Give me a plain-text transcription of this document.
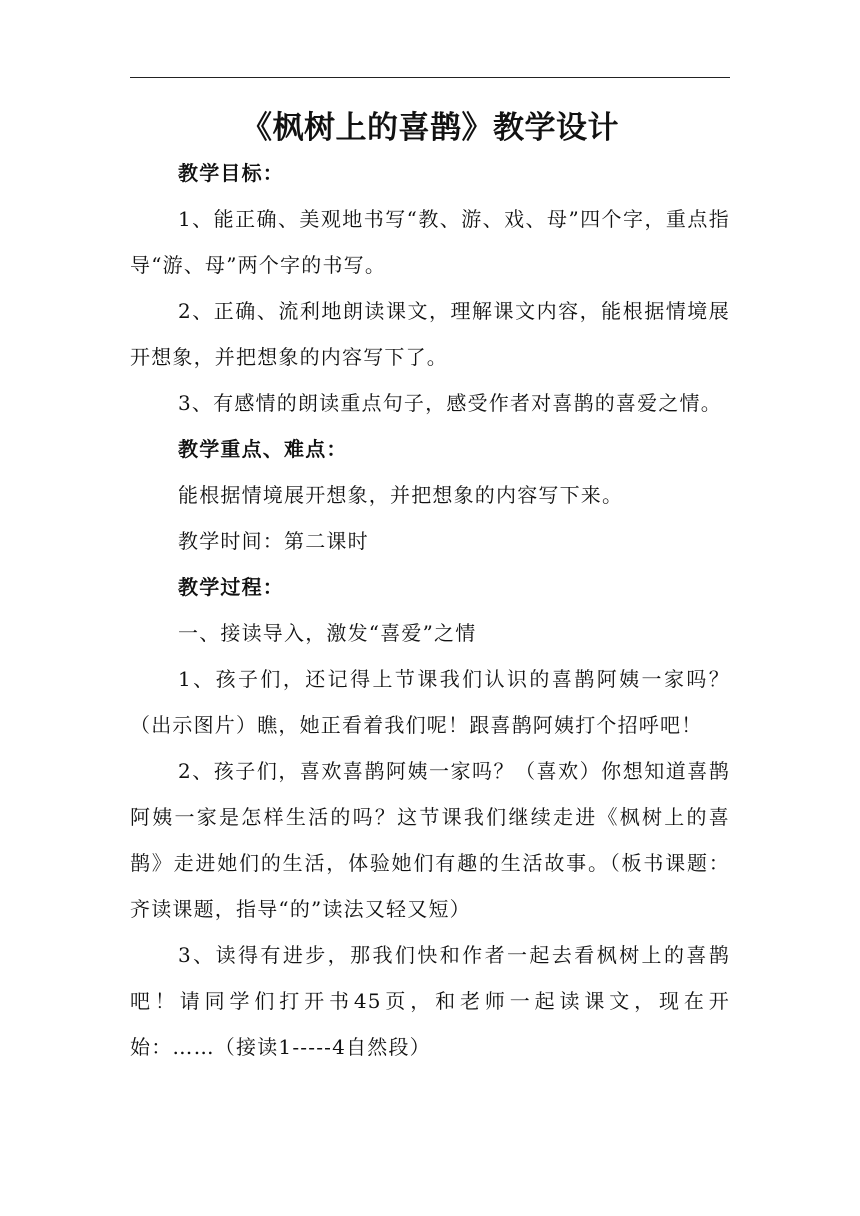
《枫树上的喜鹊》教学设计

教学目标：

1、能正确、美观地书写“教、游、戏、母”四个字，重点指导“游、母”两个字的书写。

2、正确、流利地朗读课文，理解课文内容，能根据情境展开想象，并把想象的内容写下了。

3、有感情的朗读重点句子，感受作者对喜鹊的喜爱之情。

教学重点、难点：

能根据情境展开想象，并把想象的内容写下来。

教学时间：第二课时

教学过程：

一、接读导入，激发“喜爱”之情

1、孩子们，还记得上节课我们认识的喜鹊阿姨一家吗？（出示图片）瞧，她正看着我们呢！跟喜鹊阿姨打个招呼吧！

2、孩子们，喜欢喜鹊阿姨一家吗？（喜欢）你想知道喜鹊阿姨一家是怎样生活的吗？这节课我们继续走进《枫树上的喜鹊》走进她们的生活，体验她们有趣的生活故事。（板书课题：齐读课题，指导“的”读法又轻又短）

3、读得有进步，那我们快和作者一起去看枫树上的喜鹊吧！请同学们打开书45页，和老师一起读课文，现在开始：……（接读1-----4自然段）
